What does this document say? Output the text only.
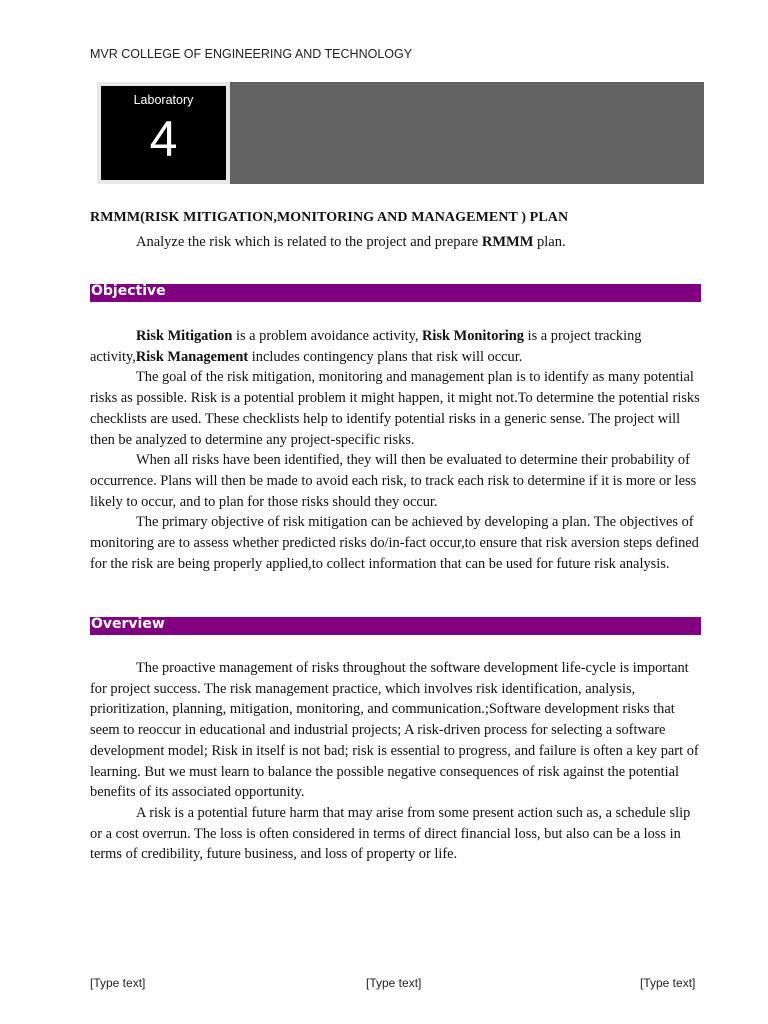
MVR COLLEGE OF ENGINEERING AND TECHNOLOGY
Laboratory
4
RMMM(RISK MITIGATION,MONITORING AND MANAGEMENT ) PLAN
Analyze the risk which is related to the project and prepare RMMM plan.
Objective

Risk Mitigation is a problem avoidance activity, Risk Monitoring is a project tracking activity,Risk Management includes contingency plans that risk will occur.

The goal of the risk mitigation, monitoring and management plan is to identify as many potential risks as possible. Risk is a potential problem it might happen, it might not.To determine the potential risks checklists are used. These checklists help to identify potential risks in a generic sense. The project will then be analyzed to determine any project-specific risks.

When all risks have been identified, they will then be evaluated to determine their probability of occurrence. Plans will then be made to avoid each risk, to track each risk to determine if it is more or less likely to occur, and to plan for those risks should they occur.

The primary objective of risk mitigation can be achieved by developing a plan. The objectives of monitoring are to assess whether predicted risks do/in-fact occur,to ensure that risk aversion steps defined for the risk are being properly applied,to collect information that can be used for future risk analysis.

Overview

The proactive management of risks throughout the software development life-cycle is important for project success. The risk management practice, which involves risk identification, analysis, prioritization, planning, mitigation, monitoring, and communication.;Software development risks that seem to reoccur in educational and industrial projects; A risk-driven process for selecting a software development model; Risk in itself is not bad; risk is essential to progress, and failure is often a key part of learning. But we must learn to balance the possible negative consequences of risk against the potential benefits of its associated opportunity.

A risk is a potential future harm that may arise from some present action such as, a schedule slip or a cost overrun. The loss is often considered in terms of direct financial loss, but also can be a loss in terms of credibility, future business, and loss of property or life.

[Type text]	[Type text]	[Type text]
